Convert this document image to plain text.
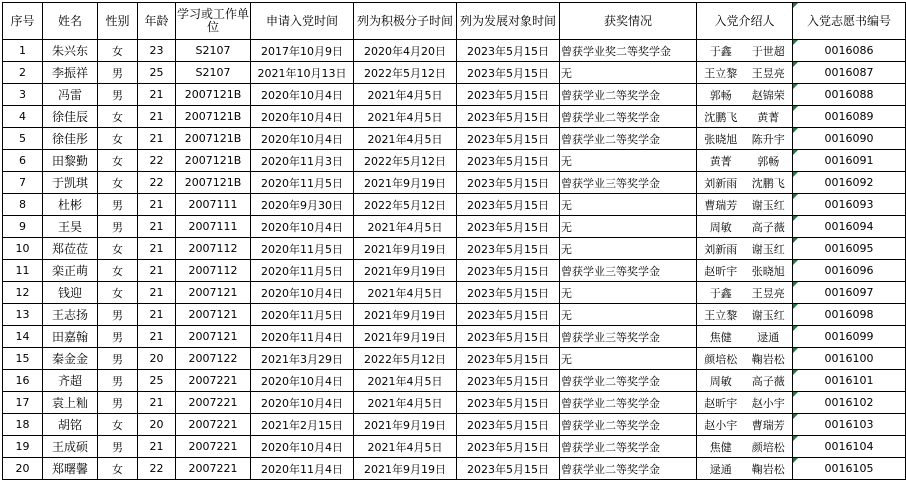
序号	姓名	性别	年龄	学习或工作单位	申请入党时间	列为积极分子时间	列为发展对象时间	获奖情况	入党介绍人	入党志愿书编号
1	朱兴东	女	23	S2107	2017年10月9日	2020年4月20日	2023年5月15日	曾获学业奖二等奖学金	于鑫 于世超	0016086
2	李振祥	男	25	S2107	2021年10月13日	2022年5月12日	2023年5月15日	无	王立黎 王昱亮	0016087
3	冯雷	男	21	2007121B	2020年10月4日	2021年4月5日	2023年5月15日	曾获学业二等奖学金	郭畅 赵锦荣	0016088
4	徐佳辰	女	21	2007121B	2020年10月4日	2021年4月5日	2023年5月15日	曾获学业二等奖学金	沈鹏飞 黄菁	0016089
5	徐佳彤	女	21	2007121B	2020年10月4日	2021年4月5日	2023年5月15日	曾获学业二等奖学金	张晓旭 陈升宇	0016090
6	田黎勤	女	22	2007121B	2020年11月3日	2022年5月12日	2023年5月15日	无	黄菁 郭畅	0016091
7	于凯琪	女	22	2007121B	2020年11月5日	2021年9月19日	2023年5月15日	曾获学业三等奖学金	刘新雨 沈鹏飞	0016092
8	杜彬	男	21	2007111	2020年9月30日	2022年5月12日	2023年5月15日	无	曹瑞芳 谢玉红	0016093
9	王昊	男	21	2007111	2020年10月4日	2021年4月5日	2023年5月15日	无	周敏 高子薇	0016094
10	郑莅莅	女	21	2007112	2020年11月5日	2021年9月19日	2023年5月15日	无	刘新雨 谢玉红	0016095
11	栾正萌	女	21	2007112	2020年11月5日	2021年9月19日	2023年5月15日	曾获学业三等奖学金	赵昕宇 张晓旭	0016096
12	钱迎	女	21	2007121	2020年10月4日	2021年4月5日	2023年5月15日	无	于鑫 王昱亮	0016097
13	王志扬	男	21	2007121	2020年11月5日	2021年9月19日	2023年5月15日	无	王立黎 谢玉红	0016098
14	田嘉翰	男	21	2007121	2020年11月4日	2021年9月19日	2023年5月15日	曾获学业三等奖学金	焦健 逯通	0016099
15	秦金金	男	20	2007122	2021年3月29日	2022年5月12日	2023年5月15日	无	颜培松 鞠岩松	0016100
16	齐超	男	25	2007221	2020年10月4日	2021年4月5日	2023年5月15日	曾获学业二等奖学金	周敏 高子薇	0016101
17	袁上籼	男	21	2007221	2020年10月4日	2021年4月5日	2023年5月15日	曾获学业二等奖学金	赵昕宇 赵小宇	0016102
18	胡铭	女	20	2007221	2021年2月15日	2021年9月19日	2023年5月15日	曾获学业二等奖学金	赵小宇 曹瑞芳	0016103
19	王成硕	男	21	2007221	2020年10月4日	2021年4月5日	2023年5月15日	曾获学业二等奖学金	焦健 颜培松	0016104
20	郑曙馨	女	22	2007221	2020年11月4日	2021年9月19日	2023年5月15日	曾获学业二等奖学金	逯通 鞠岩松	0016105
